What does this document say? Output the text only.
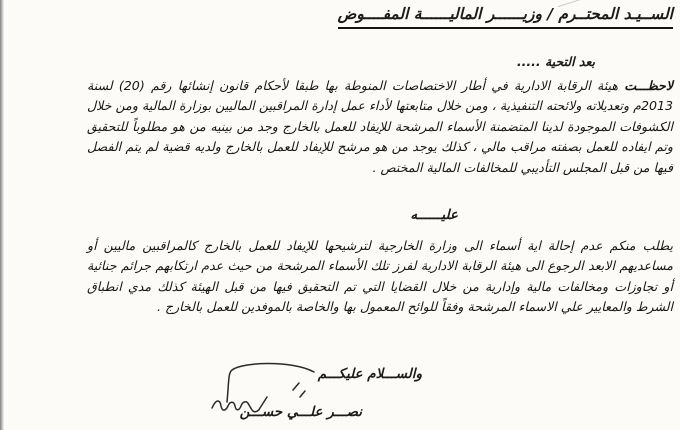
الســيـد المحتــرم / وزيــــــر الماليــــــة المفــــوض
بعد التحية .....

لاحظـــت هيئة الرقابة الادارية في أطار الاختصاصات المنوطة بها طبقا لأحكام قانون إنشائها رقم (20) لسنة 2013م وتعديلاته ولائحته التنفيذية ، ومن خلال متابعتها لأداء عمل إدارة المراقبين الماليين بوزارة المالية ومن خلال الكشوفات الموجودة لدينا المتضمنة الأسماء المرشحة للإيفاد للعمل بالخارج وجد من بينيه من هو مطلوباً للتحقيق وتم ايفاده للعمل بصفته مراقب مالي ، كذلك يوجد من هو مرشح للإيفاد للعمل بالخارج ولديه قضية لم يتم الفصل فيها من قبل المجلس التأديبي للمخالفات المالية المختص .

عليــــــه

يطلب منكم عدم إحالة اية أسماء الى وزارة الخارجية لترشيحها للإيفاد للعمل بالخارج كالمراقبين ماليين أو مساعديهم الابعد الرجوع الى هيئة الرقابة الادارية لفرز تلك الأسماء المرشحة من حيث عدم ارتكابهم جرائم جنائية أو تجاوزات ومخالفات مالية وإدارية من خلال القضايا التي تم التحقيق فيها من قبل الهيئة كذلك مدي انطباق الشرط والمعايير علي الاسماء المرشحة وفقاً للوائح المعمول بها والخاصة بالموفدين للعمل بالخارج .

والســـلام عليكـــم
نصـــر علـــي حســـن
